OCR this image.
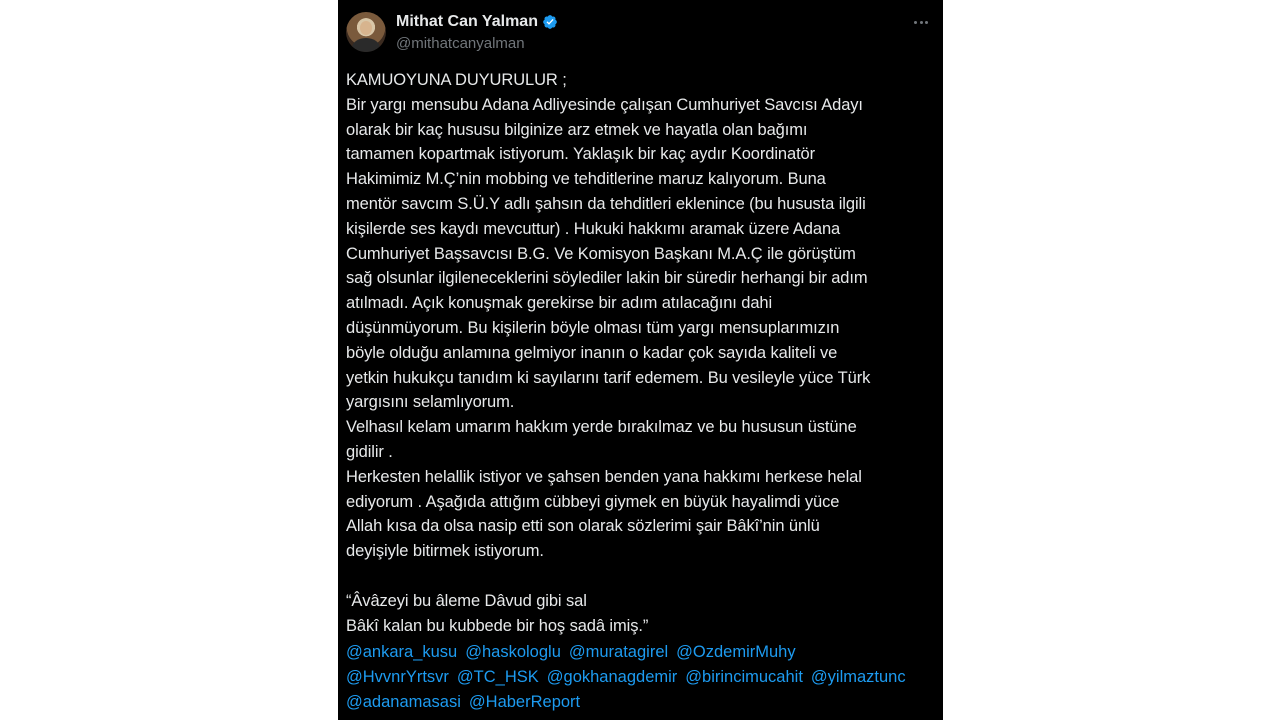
Mithat Can Yalman
@mithatcanyalman
KAMUOYUNA DUYURULUR ;
Bir yargı mensubu Adana Adliyesinde çalışan Cumhuriyet Savcısı Adayı
olarak bir kaç hususu bilginize arz etmek ve hayatla olan bağımı
tamamen kopartmak istiyorum. Yaklaşık bir kaç aydır Koordinatör
Hakimimiz M.Ç’nin mobbing ve tehditlerine maruz kalıyorum. Buna
mentör savcım S.Ü.Y adlı şahsın da tehditleri eklenince (bu hususta ilgili
kişilerde ses kaydı mevcuttur) . Hukuki hakkımı aramak üzere Adana
Cumhuriyet Başsavcısı B.G. Ve Komisyon Başkanı M.A.Ç ile görüştüm
sağ olsunlar ilgileneceklerini söylediler lakin bir süredir herhangi bir adım
atılmadı. Açık konuşmak gerekirse bir adım atılacağını dahi
düşünmüyorum. Bu kişilerin böyle olması tüm yargı mensuplarımızın
böyle olduğu anlamına gelmiyor inanın o kadar çok sayıda kaliteli ve
yetkin hukukçu tanıdım ki sayılarını tarif edemem. Bu vesileyle yüce Türk
yargısını selamlıyorum.
Velhasıl kelam umarım hakkım yerde bırakılmaz ve bu hususun üstüne
gidilir .
Herkesten helallik istiyor ve şahsen benden yana hakkımı herkese helal
ediyorum . Aşağıda attığım cübbeyi giymek en büyük hayalimdi yüce
Allah kısa da olsa nasip etti son olarak sözlerimi şair Bâkî’nin ünlü
deyişiyle bitirmek istiyorum.
“Âvâzeyi bu âleme Dâvud gibi sal
Bâkî kalan bu kubbede bir hoş sadâ imiş.”
@ankara_kusu @haskologlu @muratagirel @OzdemirMuhy
@HvvnrYrtsvr @TC_HSK @gokhanagdemir @birincimucahit @yilmaztunc
@adanamasasi @HaberReport
